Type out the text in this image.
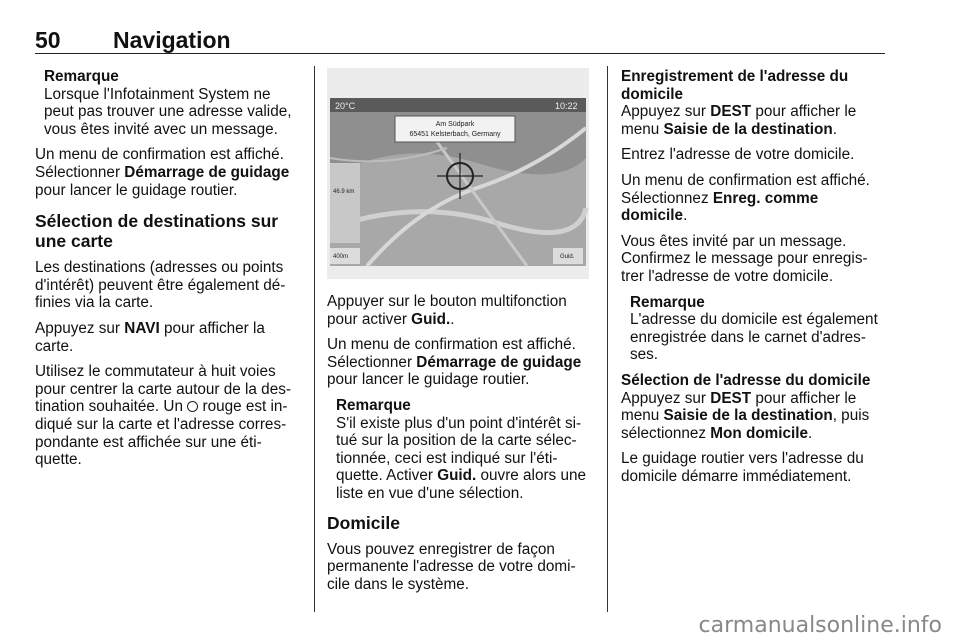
50 Navigation
Remarque
Lorsque l'Infotainment System ne peut pas trouver une adresse valide, vous êtes invité avec un message.

Un menu de confirmation est affiché. Sélectionner Démarrage de guidage pour lancer le guidage routier.

Sélection de destinations sur une carte

Les destinations (adresses ou points d'intérêt) peuvent être également dé- finies via la carte.

Appuyez sur NAVI pour afficher la carte.

Utilisez le commutateur à huit voies pour centrer la carte autour de la des- tination souhaitée. Un  rouge est in- diqué sur la carte et l'adresse corres- pondante est affichée sur une éti- quette.

20°C	10:22
Am Südpark
65451 Kelsterbach, Germany
46.9 km
400m	Guid.

Appuyer sur le bouton multifonction pour activer Guid..

Un menu de confirmation est affiché. Sélectionner Démarrage de guidage pour lancer le guidage routier.

Remarque
S'il existe plus d'un point d'intérêt si- tué sur la position de la carte sélec- tionnée, ceci est indiqué sur l'éti- quette. Activer Guid. ouvre alors une liste en vue d'une sélection.
Domicile

Vous pouvez enregistrer de façon permanente l'adresse de votre domi- cile dans le système.

Enregistrement de l'adresse du domicile

Appuyez sur DEST pour afficher le menu Saisie de la destination.

Entrez l'adresse de votre domicile.

Un menu de confirmation est affiché. Sélectionnez Enreg. comme domicile.

Vous êtes invité par un message. Confirmez le message pour enregis- trer l'adresse de votre domicile.

Remarque
L'adresse du domicile est également enregistrée dans le carnet d'adres- ses.
Sélection de l'adresse du domicile

Appuyez sur DEST pour afficher le menu Saisie de la destination, puis sélectionnez Mon domicile.

Le guidage routier vers l'adresse du domicile démarre immédiatement.

carmanualsonline.info
